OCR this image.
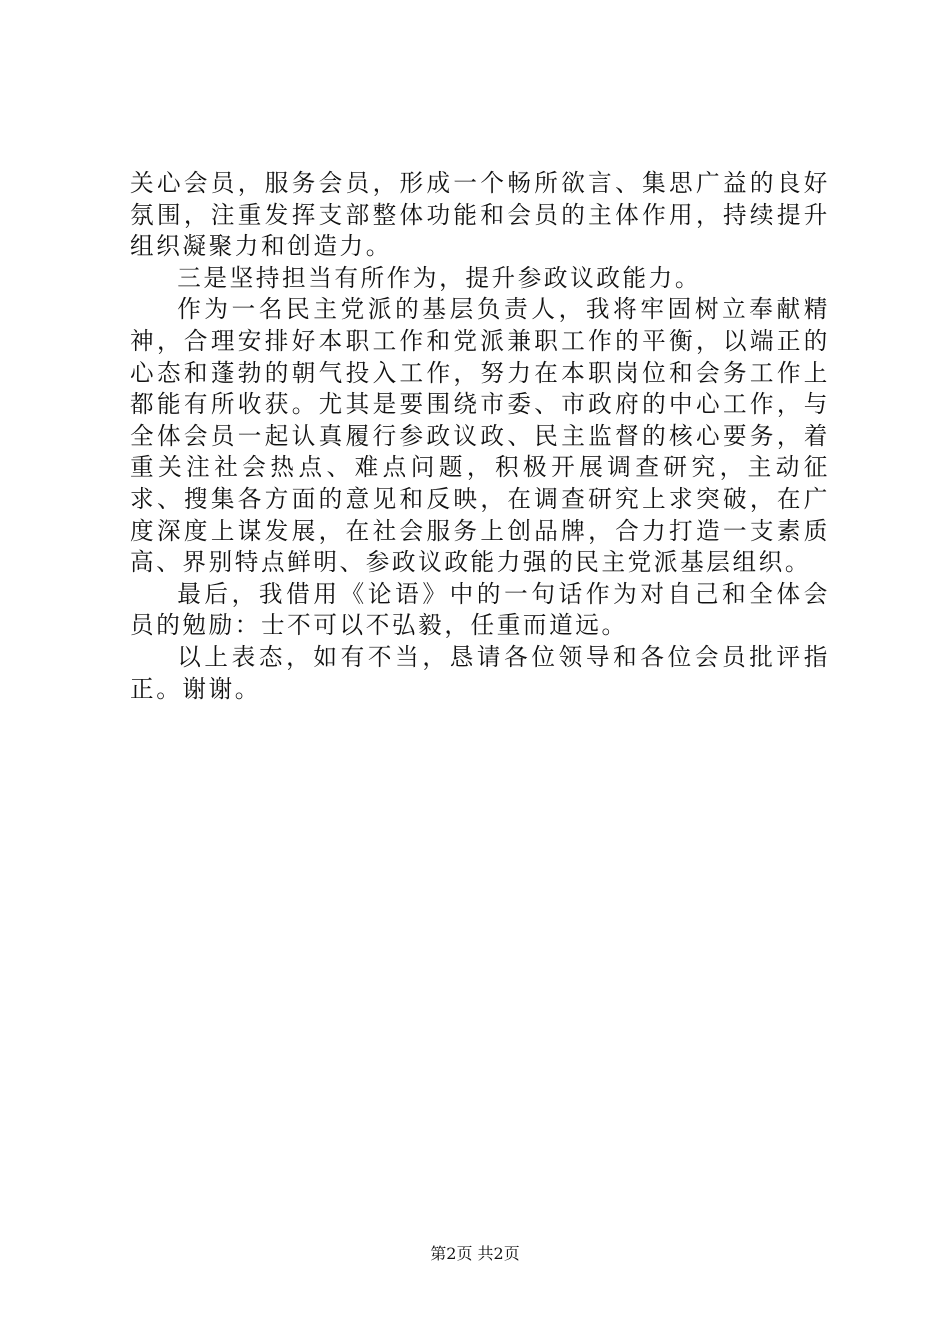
关心会员，服务会员，形成一个畅所欲言、集思广益的良好氛围，注重发挥支部整体功能和会员的主体作用，持续提升组织凝聚力和创造力。

三是坚持担当有所作为，提升参政议政能力。

作为一名民主党派的基层负责人，我将牢固树立奉献精神，合理安排好本职工作和党派兼职工作的平衡，以端正的心态和蓬勃的朝气投入工作，努力在本职岗位和会务工作上都能有所收获。尤其是要围绕市委、市政府的中心工作，与全体会员一起认真履行参政议政、民主监督的核心要务，着重关注社会热点、难点问题，积极开展调查研究，主动征求、搜集各方面的意见和反映，在调查研究上求突破，在广度深度上谋发展，在社会服务上创品牌，合力打造一支素质高、界别特点鲜明、参政议政能力强的民主党派基层组织。

最后，我借用《论语》中的一句话作为对自己和全体会员的勉励：士不可以不弘毅，任重而道远。

以上表态，如有不当，恳请各位领导和各位会员批评指正。谢谢。

第2页 共2页
